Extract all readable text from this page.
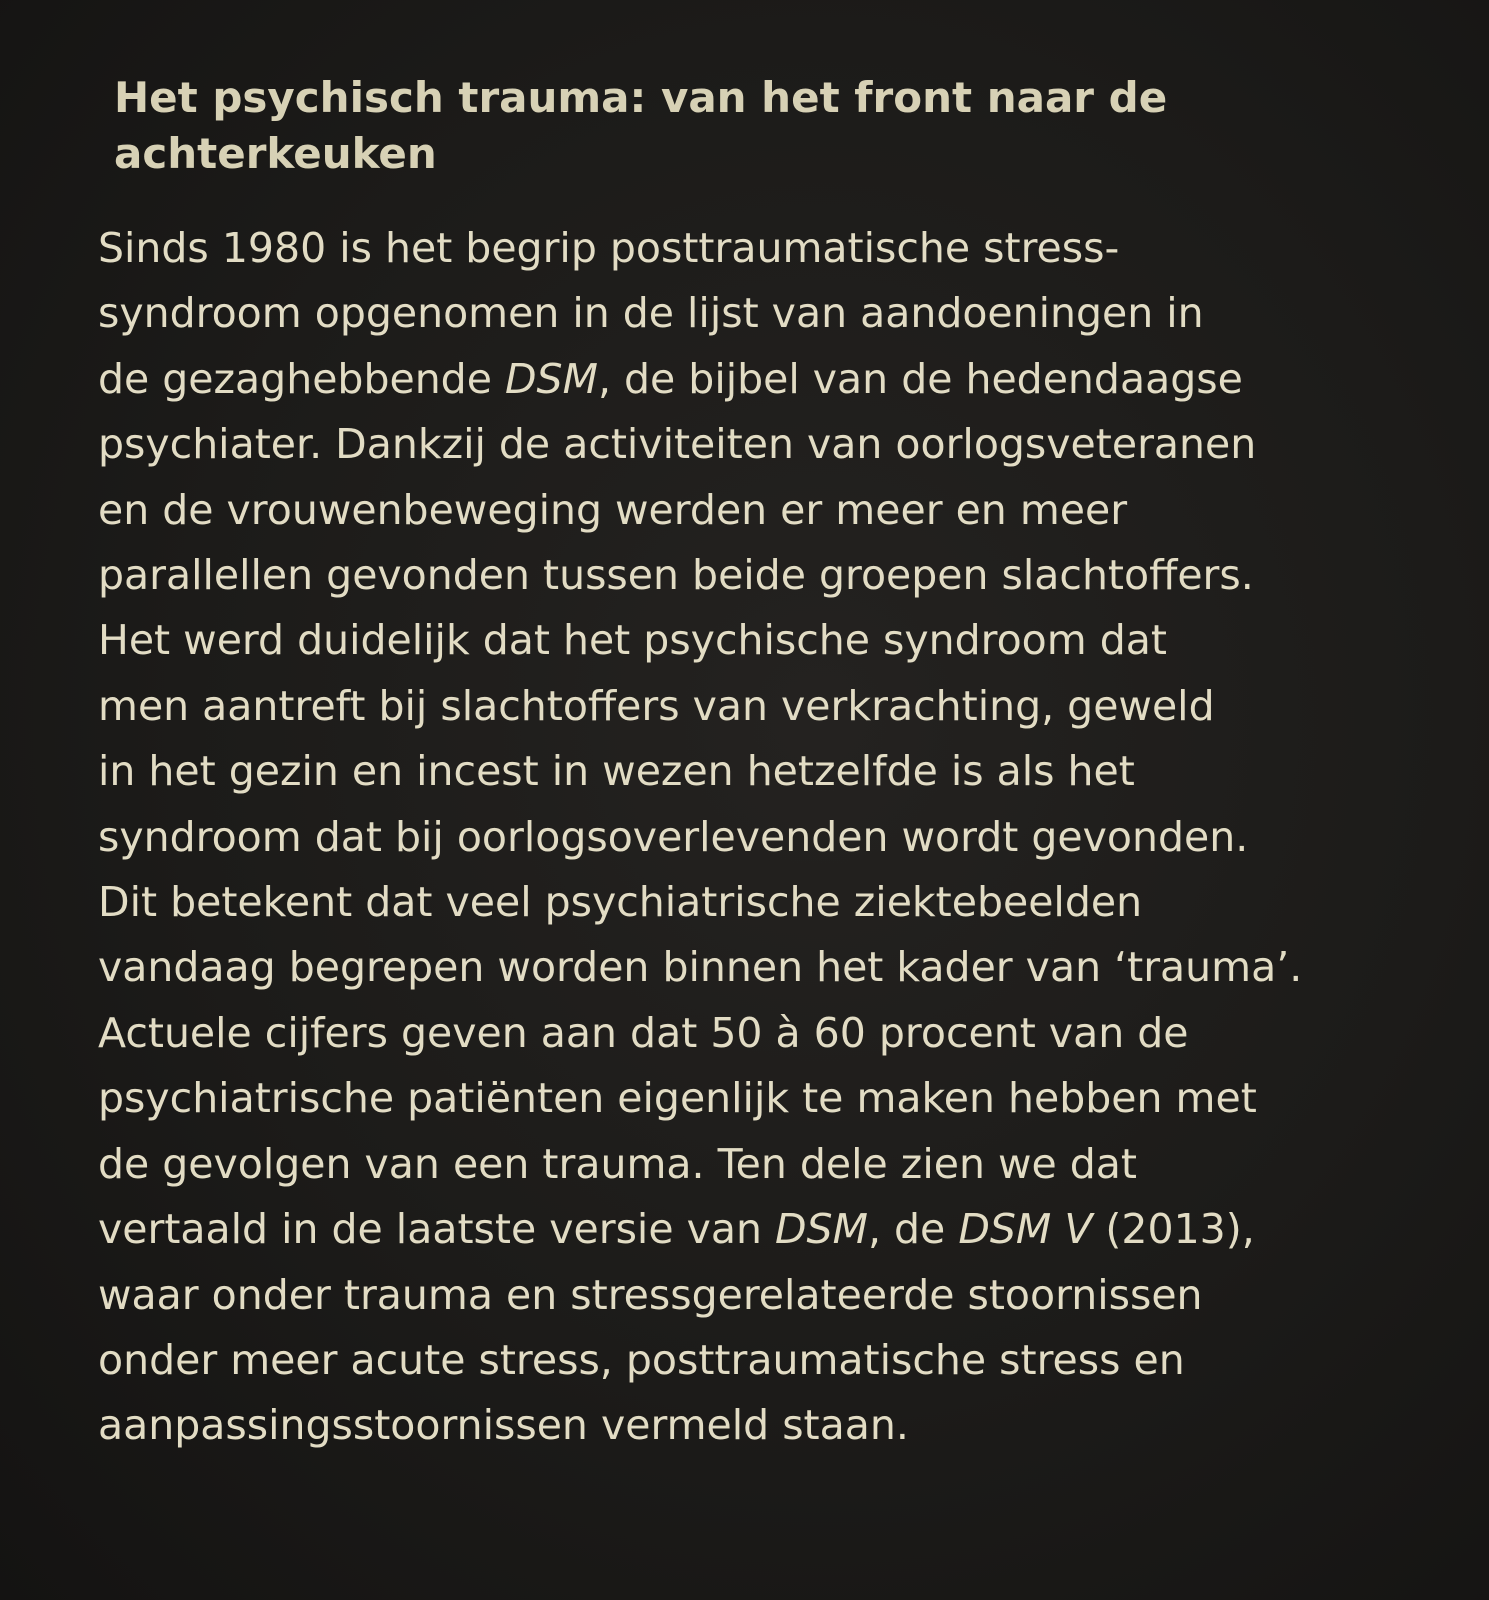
Het psychisch trauma: van het front naar de
achterkeuken
Sinds 1980 is het begrip posttraumatische stress-
syndroom opgenomen in de lijst van aandoeningen in
de gezaghebbende DSM, de bijbel van de hedendaagse
psychiater. Dankzij de activiteiten van oorlogsveteranen
en de vrouwenbeweging werden er meer en meer
parallellen gevonden tussen beide groepen slachtoffers.
Het werd duidelijk dat het psychische syndroom dat
men aantreft bij slachtoffers van verkrachting, geweld
in het gezin en incest in wezen hetzelfde is als het
syndroom dat bij oorlogsoverlevenden wordt gevonden.
Dit betekent dat veel psychiatrische ziektebeelden
vandaag begrepen worden binnen het kader van ‘trauma’.
Actuele cijfers geven aan dat 50 à 60 procent van de
psychiatrische patiënten eigenlijk te maken hebben met
de gevolgen van een trauma. Ten dele zien we dat
vertaald in de laatste versie van DSM, de DSM V (2013),
waar onder trauma en stressgerelateerde stoornissen
onder meer acute stress, posttraumatische stress en
aanpassingsstoornissen vermeld staan.
